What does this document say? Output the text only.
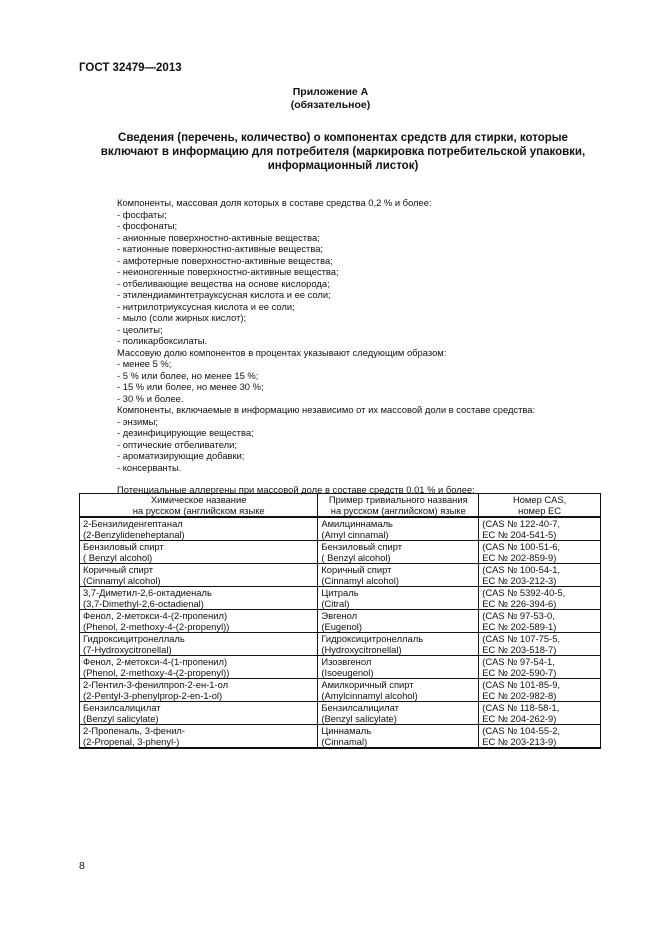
ГОСТ 32479—2013
Приложение А
(обязательное)
Сведения (перечень, количество) о компонентах средств для стирки, которые включают в информацию для потребителя (маркировка потребительской упаковки, информационный листок)
Компоненты, массовая доля которых в составе средства 0,2 % и более:
- фосфаты;
- фосфонаты;
- анионные поверхностно-активные вещества;
- катионные поверхностно-активные вещества;
- амфотерные поверхностно-активные вещества;
- неионогенные поверхностно-активные вещества;
- отбеливающие вещества на основе кислорода;
- этилендиаминтетрауксусная кислота и ее соли;
- нитрилотриуксусная кислота и ее соли;
- мыло (соли жирных кислот);
- цеолиты;
- поликарбоксилаты.
Массовую долю компонентов в процентах указывают следующим образом:
- менее 5 %;
- 5 % или более, но менее 15 %;
- 15 % или более, но менее 30 %;
- 30 % и более.
Компоненты, включаемые в информацию независимо от их массовой доли в составе средства:
- энзимы;
- дезинфицирующие вещества;
- оптические отбеливатели;
- ароматизирующие добавки;
- консерванты.
Потенциальные аллергены при массовой доле в составе средств 0,01 % и более:
Химическое название
на русском (английском языке	Пример тривиального названия
на русском (английском) языке	Номер CAS,
номер ЕС

2-Бензилиденгептанал
(2-Benzylideneheptanal)	Амилциннамаль
(Amyl cinnamal)	(CAS № 122-40-7,
ЕС № 204-541-5)

Бензиловый спирт
( Benzyl alcohol)	Бензиловый спирт
( Benzyl alcohol)	(CAS № 100-51-6,
ЕС № 202-859-9)

Коричный спирт
(Cinnamyl alcohol)	Коричный спирт
(Cinnamyl alcohol)	(CAS № 100-54-1,
ЕС № 203-212-3)

3,7-Диметил-2,6-октадиеналь
(3,7-Dimethyl-2,6-octadienal)	Цитраль
(Citral)	(CAS № 5392-40-5,
ЕС № 226-394-6)

Фенол, 2-метокси-4-(2-пропенил)
(Phenol, 2-methoxy-4-(2-propenyl))	Эвгенол
(Eugenol)	(CAS № 97-53-0,
ЕС № 202-589-1)

Гидроксицитронеллаль
(7-Hydroxycitronellal)	Гидроксицитронеллаль
(Hydroxycitronellal)	(CAS № 107-75-5,
ЕС № 203-518-7)

Фенол, 2-метокси-4-(1-пропенил)
(Phenol, 2-methoxy-4-(2-propenyl))	Изоэвгенол
(Isoeugenol)	(CAS № 97-54-1,
ЕС № 202-590-7)

2-Пентил-3-фенилпроп-2-ен-1-ол
(2-Pentyl-3-phenylprop-2-en-1-ol)	Амилкоричный спирт
(Amylcinnamyl alcohol)	(CAS № 101-85-9,
ЕС № 202-982-8)

Бензилсалицилат
(Benzyl salicylate)	Бензилсалицилат
(Benzyl salicylate)	(CAS № 118-58-1,
ЕС № 204-262-9)

2-Пропеналь, 3-фенил-
(2-Propenal, 3-phenyl-)	Циннамаль
(Cinnamal)	(CAS № 104-55-2,
ЕС № 203-213-9)
8
